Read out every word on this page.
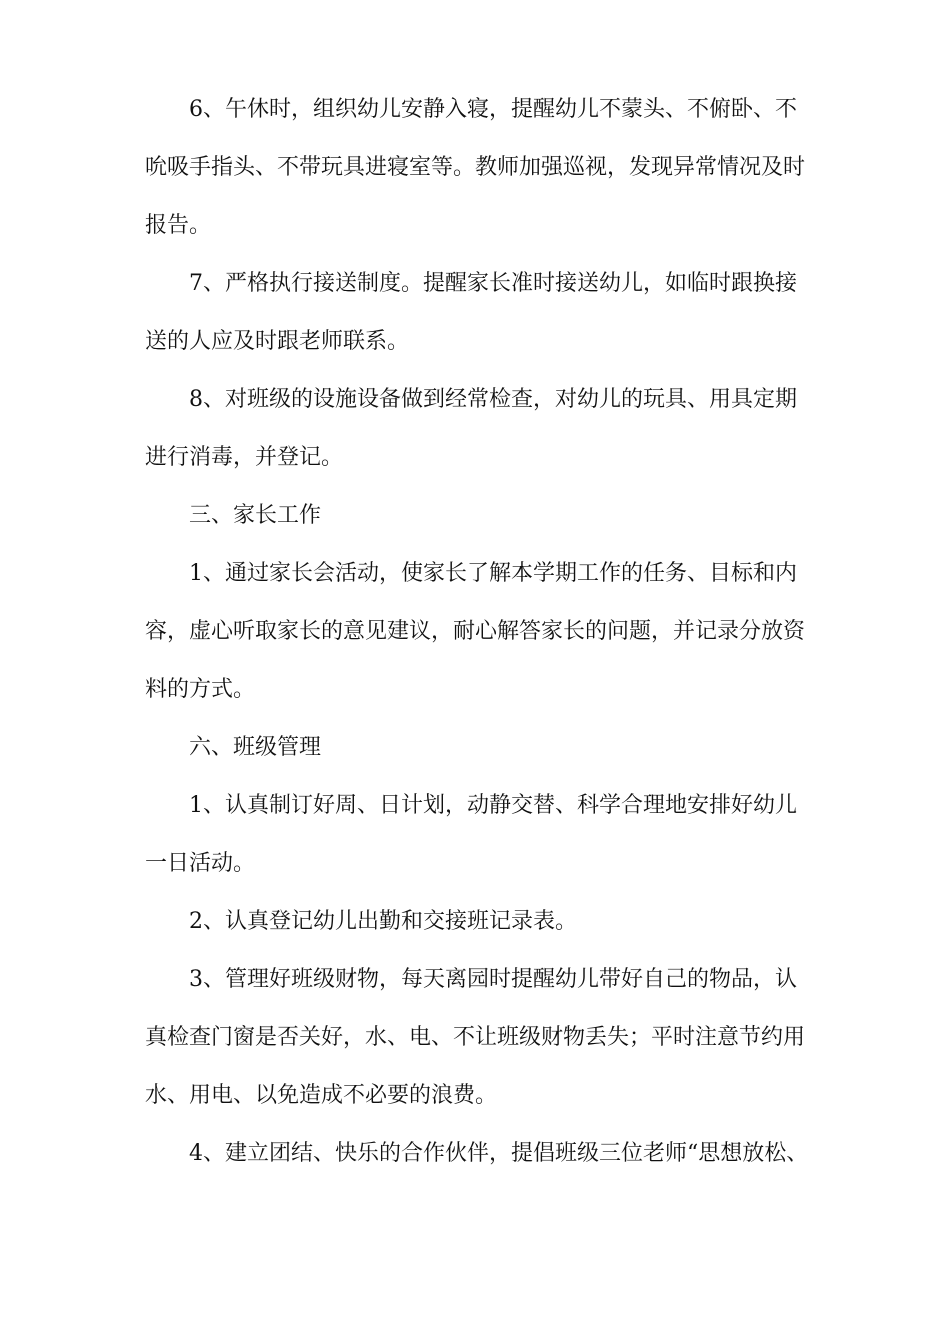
6、午休时，组织幼儿安静入寝，提醒幼儿不蒙头、不俯卧、不
吮吸手指头、不带玩具进寝室等。教师加强巡视，发现异常情况及时
报告。
7、严格执行接送制度。提醒家长准时接送幼儿，如临时跟换接
送的人应及时跟老师联系。
8、对班级的设施设备做到经常检查，对幼儿的玩具、用具定期
进行消毒，并登记。
三、家长工作
1、通过家长会活动，使家长了解本学期工作的任务、目标和内
容，虚心听取家长的意见建议，耐心解答家长的问题，并记录分放资
料的方式。
六、班级管理
1、认真制订好周、日计划，动静交替、科学合理地安排好幼儿
一日活动。
2、认真登记幼儿出勤和交接班记录表。
3、管理好班级财物，每天离园时提醒幼儿带好自己的物品，认
真检查门窗是否关好，水、电、不让班级财物丢失；平时注意节约用
水、用电、以免造成不必要的浪费。
4、建立团结、快乐的合作伙伴，提倡班级三位老师“思想放松、
